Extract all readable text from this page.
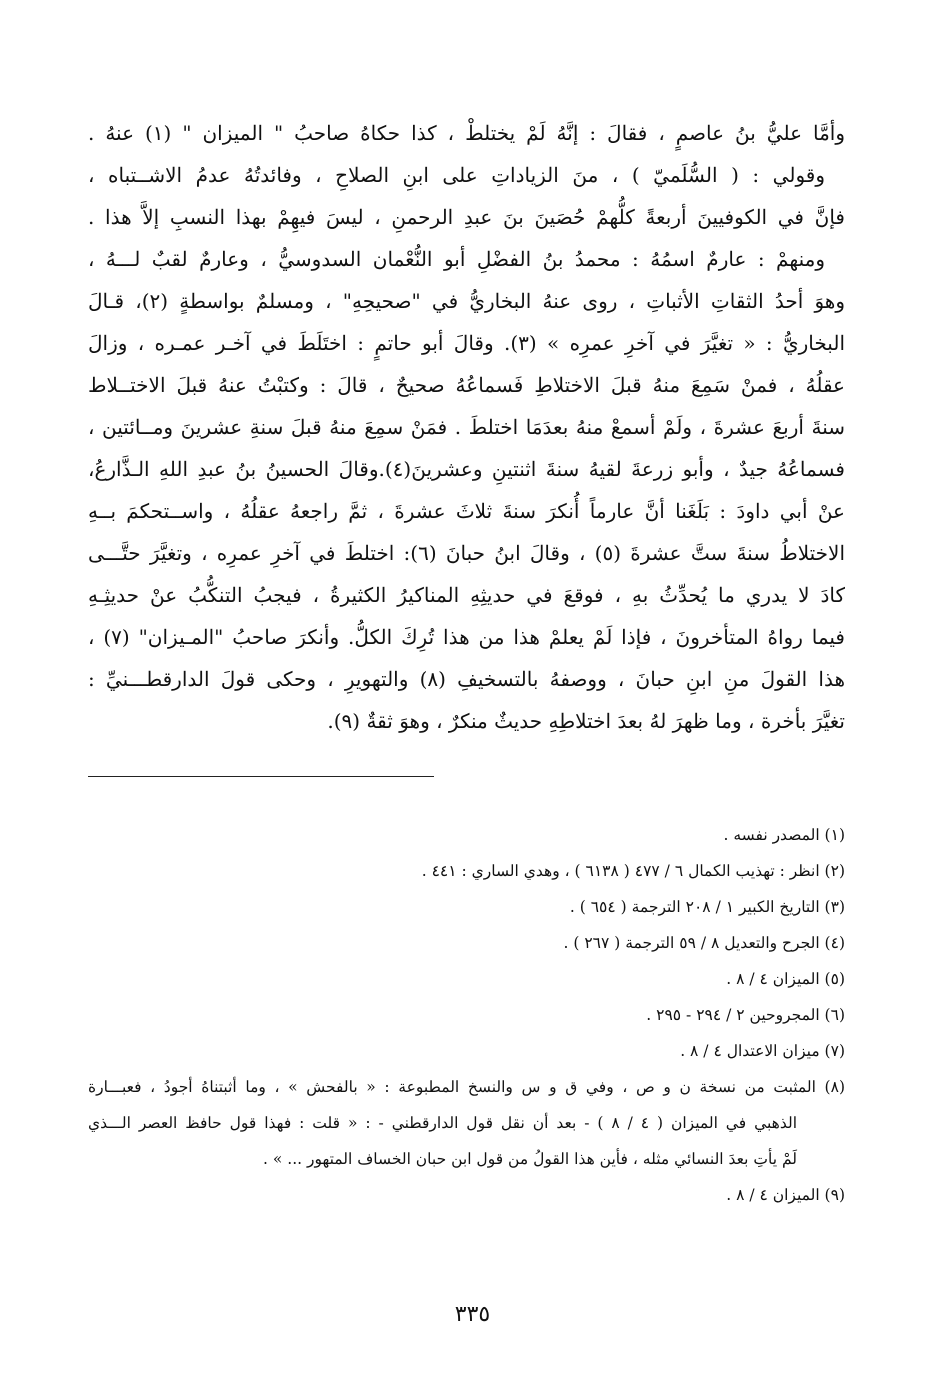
وأمَّا عليُّ بنُ عاصمٍ ، فقالَ : إنَّهُ لَمْ يختلطْ ، كذا حكاهُ صاحبُ " الميزان " (١) عنهُ .
وقولي : ( السُّلَميّ ) ، منَ الزياداتِ على ابنِ الصلاحِ ، وفائدتُهُ عدمُ الاشــتباه ،
فإنَّ في الكوفيينَ أربعةً كلُّهمْ حُصَينَ بنَ عبدِ الرحمنِ ، ليسَ فيهِمْ بهذا النسبِ إلاَّ هذا .
ومنهمْ : عارمٌ اسمُهُ : محمدُ بنُ الفضْلِ أبو النُّعْمان السدوسيُّ ، وعارمٌ لقبٌ لـــهُ ،
وهوَ أحدُ الثقاتِ الأثباتِ ، روى عنهُ البخاريُّ في "صحيحِهِ" ، ومسلمٌ بواسطةٍ (٢)، قـالَ
البخاريُّ : « تغيَّرَ في آخرِ عمرِه » (٣). وقالَ أبو حاتمٍ : اختَلَطَ في آخـر عمـره ، وزالَ
عقلُهُ ، فمنْ سَمِعَ منهُ قبلَ الاختلاطِ فَسماعُهُ صحيحٌ ، قالَ : وكتبْتُ عنهُ قبلَ الاختــلاط
سنةَ أربعَ عشرةَ ، ولَمْ أسمعْ منهُ بعدَمَا اختلطَ . فمَنْ سمِعَ منهُ قبلَ سنةِ عشرينَ ومــائتين ،
فسماعُهُ جيدٌ ، وأبو زرعةَ لقيهُ سنةَ اثنتينِ وعشرينَ(٤).وقالَ الحسينُ بنُ عبدِ اللهِ الـذَّارعُ،
عنْ أبي داودَ : بَلَغَنا أنَّ عارماً أُنكرَ سنةَ ثلاثَ عشرةَ ، ثمَّ راجعهُ عقلُهُ ، واســتحكمَ بــهِ
الاختلاطُ سنةَ ستَّ عشرةَ (٥) ، وقالَ ابنُ حبانَ (٦): اختلطَ في آخرِ عمرِه ، وتغيَّرَ حتَّـــى
كادَ لا يدري ما يُحدِّثُ بهِ ، فوقعَ في حديثِهِ المناكيرُ الكثيرةُ ، فيجبُ التنكُّبُ عنْ حديثِـهِ
فيما رواهُ المتأخرونَ ، فإذا لَمْ يعلمْ هذا من هذا تُرِكَ الكلُّ. وأنكرَ صاحبُ "المـيزان" (٧) ،
هذا القولَ منِ ابنِ حبانَ ، ووصفهُ بالتسخيفِ (٨) والتهويرِ ، وحكى قولَ الدارقطـــنيِّ :
تغيَّرَ بأخرة ، وما ظهرَ لهُ بعدَ اختلاطِهِ حديثٌ منكرٌ ، وهوَ ثقةٌ (٩).
(١) المصدر نفسه .
(٢) انظر : تهذيب الكمال ٦ / ٤٧٧ ( ٦١٣٨ ) ، وهدي الساري : ٤٤١ .
(٣) التاريخ الكبير ١ / ٢٠٨ الترجمة ( ٦٥٤ ) .
(٤) الجرح والتعديل ٨ / ٥٩ الترجمة ( ٢٦٧ ) .
(٥) الميزان ٤ / ٨ .
(٦) المجروحين ٢ / ٢٩٤ - ٢٩٥ .
(٧) ميزان الاعتدال ٤ / ٨ .
(٨) المثبت من نسخة ن و ص ، وفي ق و س والنسخ المطبوعة : « بالفحش » ، وما أثبتناهُ أجودُ ، فعبـــارة
الذهبي في الميزان ( ٤ / ٨ ) - بعد أن نقل قول الدارقطني - : « قلت : فهذا قول حافظ العصر الـــذي
لَمْ يأتِ بعدَ النسائي مثله ، فأين هذا القولُ من قول ابن حبان الخساف المتهور ... » .
(٩) الميزان ٤ / ٨ .
٣٣٥
